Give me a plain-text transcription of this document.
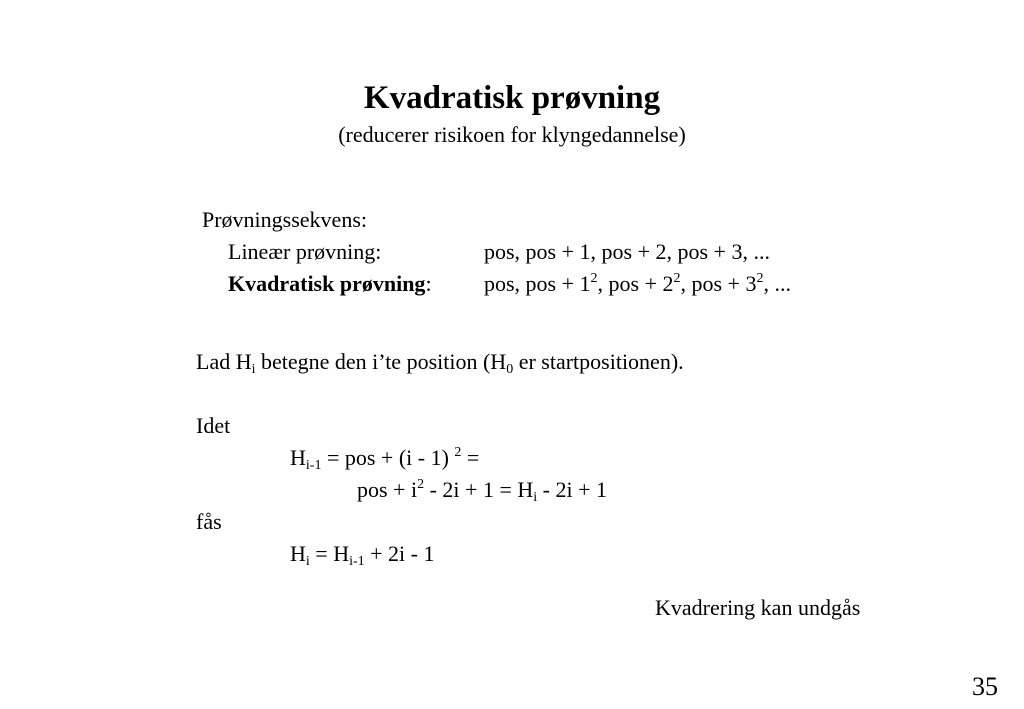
Kvadratisk prøvning
(reducerer risikoen for klyngedannelse)
Prøvningssekvens:
Lineær prøvning:	pos, pos + 1, pos + 2, pos + 3, ...
Kvadratisk prøvning: pos, pos + $1^2$, pos + $2^2$, pos + $3^2$, ...
Lad $H_i$ betegne den i’te position ($H_0$ er startpositionen).
Idet
$H_{i-1}$ = pos + (i - 1) $^2$ =
pos + $i^2 - 2i + 1 = H_i - 2i + 1$
fås
$H_i = H_{i-1} + 2i - 1$
Kvadrering kan undgås
35
